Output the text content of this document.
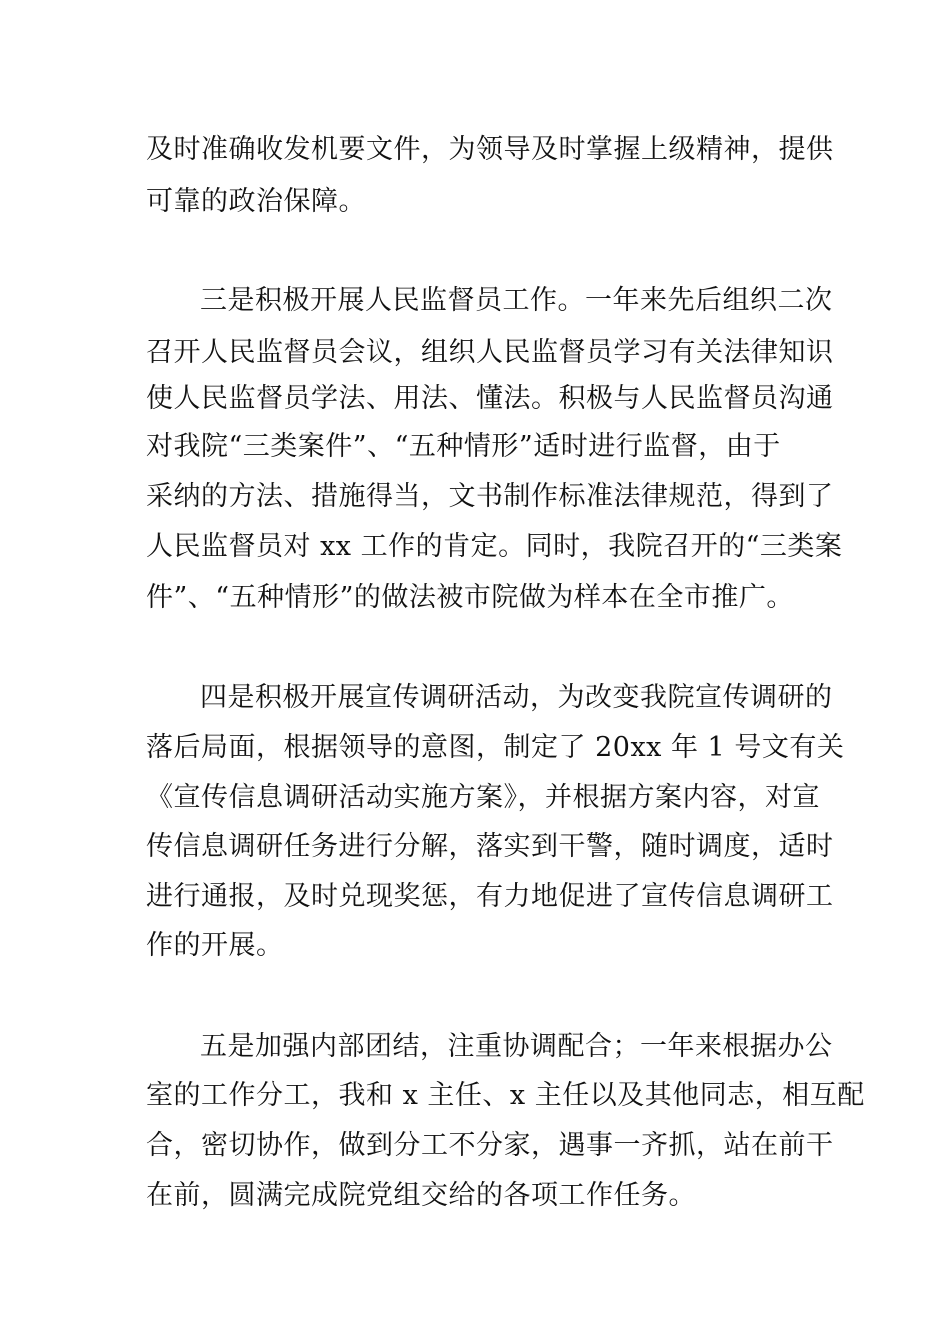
及时准确收发机要文件，为领导及时掌握上级精神，提供
可靠的政治保障。
三是积极开展人民监督员工作。一年来先后组织二次
召开人民监督员会议，组织人民监督员学习有关法律知识
使人民监督员学法、用法、懂法。积极与人民监督员沟通
对我院“三类案件”、“五种情形”适时进行监督，由于
采纳的方法、措施得当，文书制作标准法律规范，得到了
人民监督员对 xx 工作的肯定。同时，我院召开的“三类案
件”、“五种情形”的做法被市院做为样本在全市推广。
四是积极开展宣传调研活动，为改变我院宣传调研的
落后局面，根据领导的意图，制定了 20xx 年 1 号文有关
《宣传信息调研活动实施方案》，并根据方案内容，对宣
传信息调研任务进行分解，落实到干警，随时调度，适时
进行通报，及时兑现奖惩，有力地促进了宣传信息调研工
作的开展。
五是加强内部团结，注重协调配合；一年来根据办公
室的工作分工，我和 x 主任、x 主任以及其他同志，相互配
合，密切协作，做到分工不分家，遇事一齐抓，站在前干
在前，圆满完成院党组交给的各项工作任务。
